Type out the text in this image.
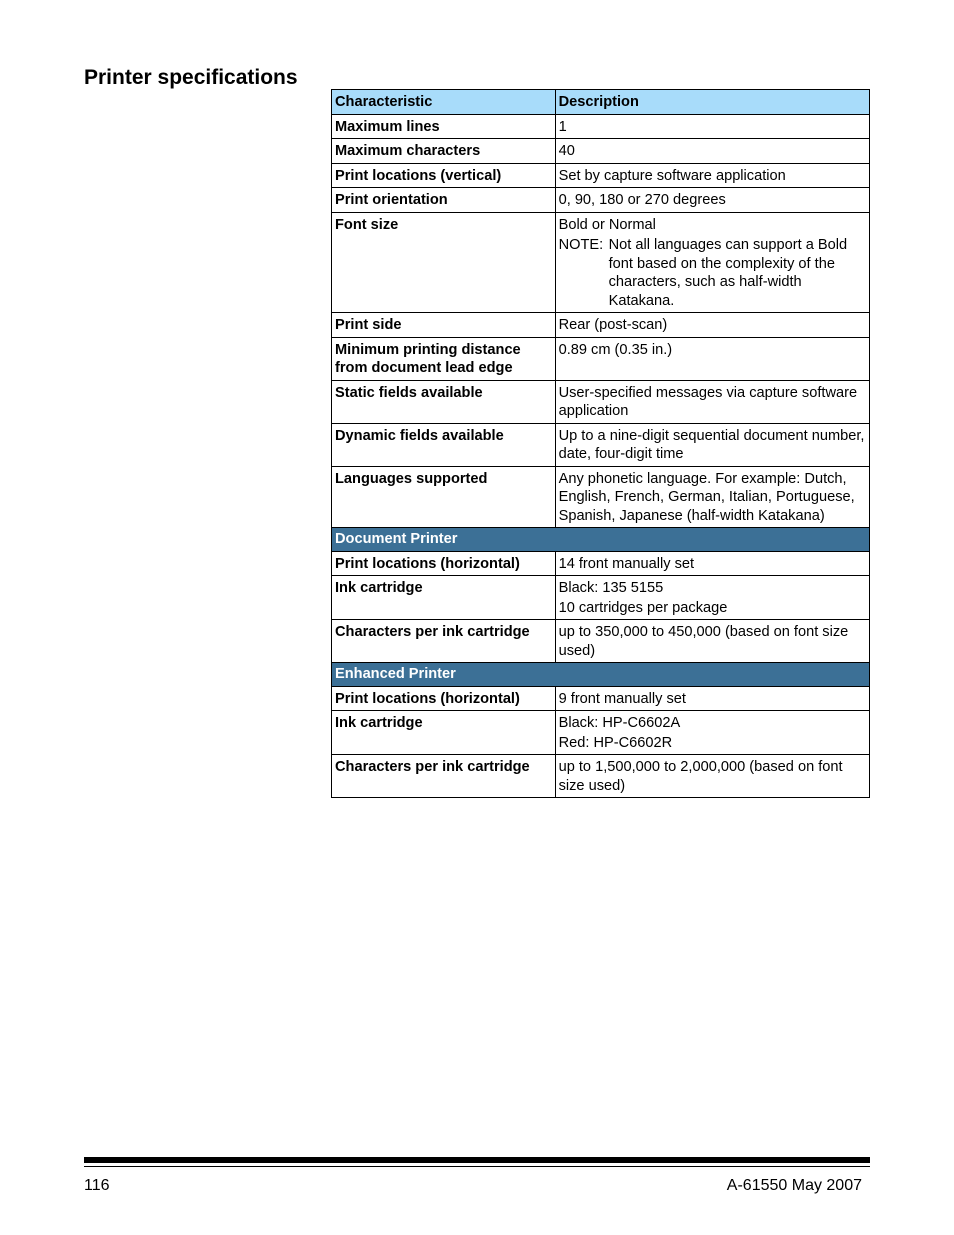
Printer specifications
Characteristic	Description
Maximum lines	1
Maximum characters	40
Print locations (vertical)	Set by capture software application
Print orientation	0, 90, 180 or 270 degrees
Font size	Bold or Normal
NOTE: Not all languages can support a Bold font based on the complexity of the characters, such as half-width Katakana.

Print side	Rear (post-scan)
Minimum printing distance from document lead edge	0.89 cm (0.35 in.)
Static fields available	User-specified messages via capture software application
Dynamic fields available	Up to a nine-digit sequential document number, date, four-digit time
Languages supported	Any phonetic language. For example: Dutch, English, French, German, Italian, Portuguese, Spanish, Japanese (half-width Katakana)
Document Printer	
Print locations (horizontal)	14 front manually set
Ink cartridge	Black: 135 5155
10 cartridges per package

Characters per ink cartridge	up to 350,000 to 450,000 (based on font size used)
Enhanced Printer	
Print locations (horizontal)	9 front manually set
Ink cartridge	Black: HP-C6602A
Red: HP-C6602R

Characters per ink cartridge	up to 1,500,000 to 2,000,000 (based on font size used)
116	A-61550 May 2007
